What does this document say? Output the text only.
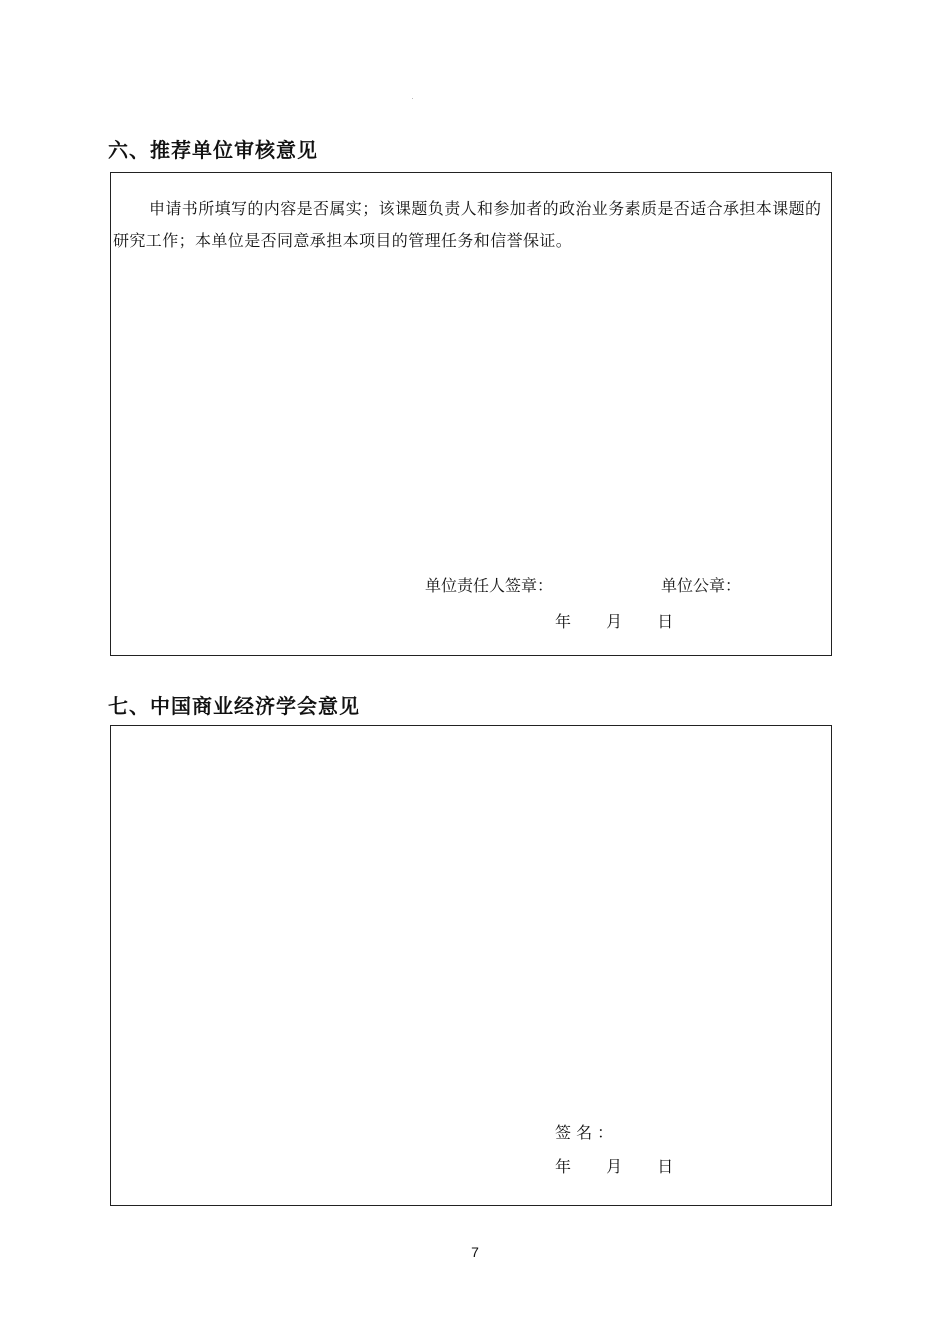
六、推荐单位审核意见
申请书所填写的内容是否属实；该课题负责人和参加者的政治业务素质是否适合承担本课题的研究工作；本单位是否同意承担本项目的管理任务和信誉保证。
单位责任人签章：	单位公章：
年 月 日
七、中国商业经济学会意见
签 名 ：
年 月 日
7
